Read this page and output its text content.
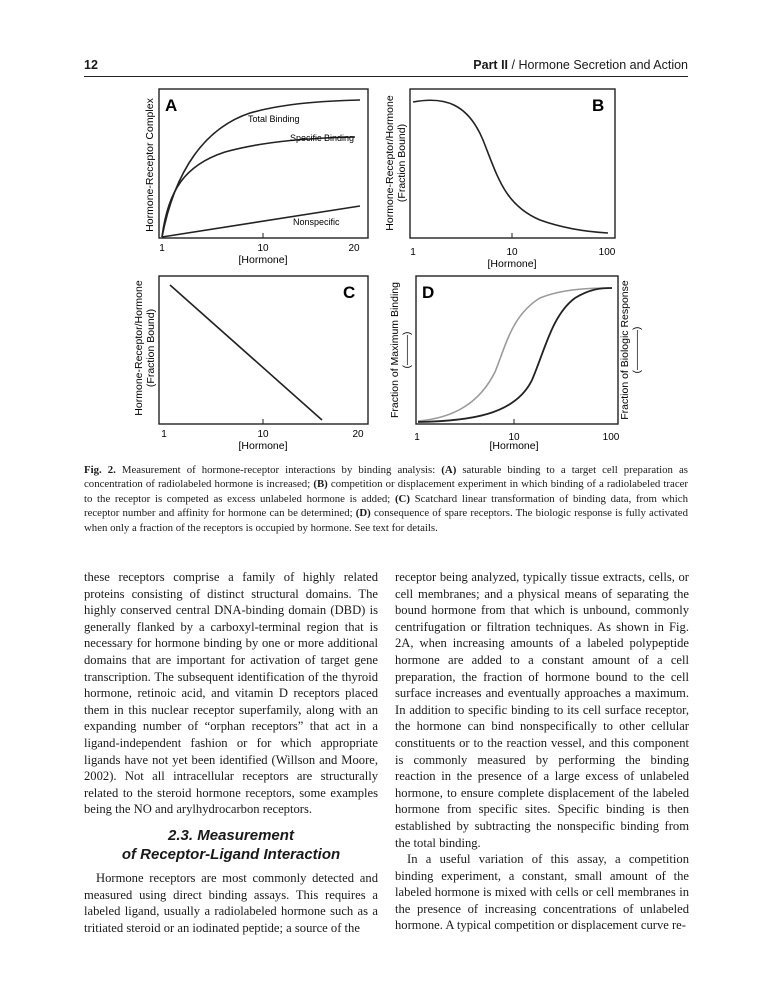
12	Part II / Hormone Secretion and Action
A
Hormone-Receptor Complex
1	10	20
[Hormone]
Total Binding
Specific Binding
Nonspecific
B
Hormone-Receptor/Hormone (Fraction Bound)
1	10	100
[Hormone]
C
Hormone-Receptor/Hormone (Fraction Bound)
1	10	20
[Hormone]
D
Fraction of Maximum Binding (———)	Fraction of Biologic Response (————)
1	10	100
[Hormone]
Fig. 2. Measurement of hormone-receptor interactions by binding analysis: (A) saturable binding to a target cell preparation as concentration of radiolabeled hormone is increased; (B) competition or displacement experiment in which binding of a radiolabeled tracer to the receptor is competed as excess unlabeled hormone is added; (C) Scatchard linear transformation of binding data, from which receptor number and affinity for hormone can be determined; (D) consequence of spare receptors. The biologic response is fully activated when only a fraction of the receptors is occupied by hormone. See text for details.

these receptors comprise a family of highly related proteins consisting of distinct structural domains. The highly conserved central DNA-binding domain (DBD) is generally flanked by a carboxyl-terminal region that is necessary for hormone binding by one or more additional domains that are important for activation of target gene transcription. The subsequent identification of the thyroid hormone, retinoic acid, and vitamin D receptors placed them in this nuclear receptor superfamily, along with an expanding number of “orphan receptors” that act in a ligand-independent fashion or for which appropriate ligands have not yet been identified (Willson and Moore, 2002). Not all intracellular receptors are structurally related to the steroid hormone receptors, some examples being the NO and arylhydrocarbon receptors.

2.3. Measurement
of Receptor-Ligand Interaction

Hormone receptors are most commonly detected and measured using direct binding assays. This requires a labeled ligand, usually a radiolabeled hormone such as a tritiated steroid or an iodinated peptide; a source of the

receptor being analyzed, typically tissue extracts, cells, or cell membranes; and a physical means of separating the bound hormone from that which is unbound, commonly centrifugation or filtration techniques. As shown in Fig. 2A, when increasing amounts of a labeled polypeptide hormone are added to a constant amount of a cell preparation, the fraction of hormone bound to the cell surface increases and eventually approaches a maximum. In addition to specific binding to its cell surface receptor, the hormone can bind nonspecifically to other cellular constituents or to the reaction vessel, and this component is commonly measured by performing the binding reaction in the presence of a large excess of unlabeled hormone, to ensure complete displacement of the labeled hormone from specific sites. Specific binding is then established by subtracting the nonspecific binding from the total binding.

In a useful variation of this assay, a competition binding experiment, a constant, small amount of the labeled hormone is mixed with cells or cell membranes in the presence of increasing concentrations of unlabeled hormone. A typical competition or displacement curve re-
